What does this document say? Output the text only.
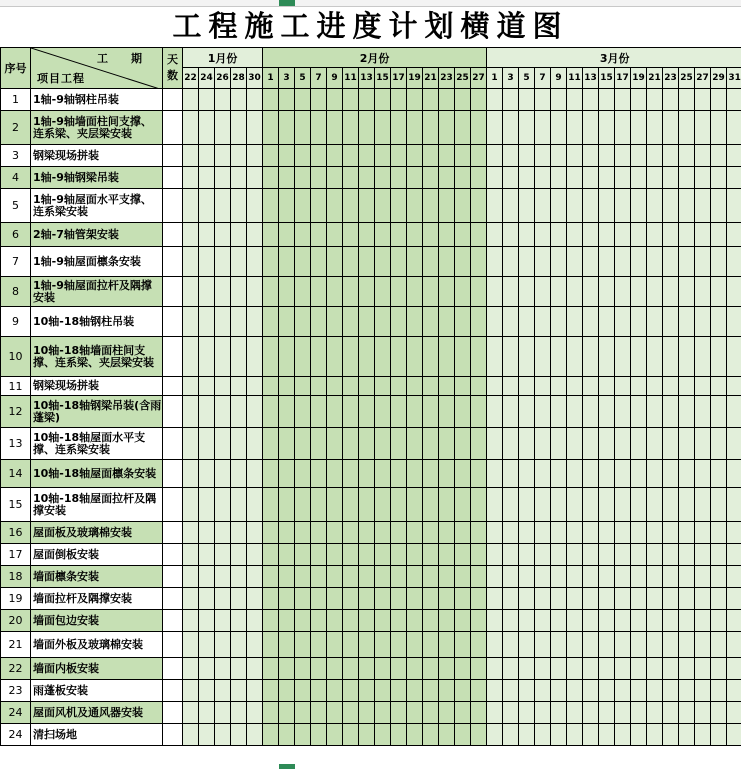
工程施工进度计划横道图
序号	工　期
项目工程	天数	1月份					2月份														3月份															
			22	24	26	28	30	1	3	5	7	9	11	13	15	17	19	21	23	25	27	1	3	5	7	9	11	13	15	17	19	21	23	25	27	29	31
1	1轴-9轴钢柱吊装																																				
2	1轴-9轴墙面柱间支撑、连系梁、夹层梁安装																																				
3	钢梁现场拼装																																				
4	1轴-9轴钢梁吊装																																				
5	1轴-9轴屋面水平支撑、连系梁安装																																				
6	2轴-7轴管架安装																																				
7	1轴-9轴屋面檩条安装																																				
8	1轴-9轴屋面拉杆及隅撑安装																																				
9	10轴-18轴钢柱吊装																																				
10	10轴-18轴墙面柱间支撑、连系梁、夹层梁安装																																				
11	钢梁现场拼装																																				
12	10轴-18轴钢梁吊装(含雨蓬梁)																																				
13	10轴-18轴屋面水平支撑、连系梁安装																																				
14	10轴-18轴屋面檩条安装																																				
15	10轴-18轴屋面拉杆及隅撑安装																																				
16	屋面板及玻璃棉安装																																				
17	屋面倒板安装																																				
18	墙面檩条安装																																				
19	墙面拉杆及隅撑安装																																				
20	墙面包边安装																																				
21	墙面外板及玻璃棉安装																																				
22	墙面内板安装																																				
23	雨蓬板安装																																				
24	屋面风机及通风器安装																																				
24	清扫场地																																				
